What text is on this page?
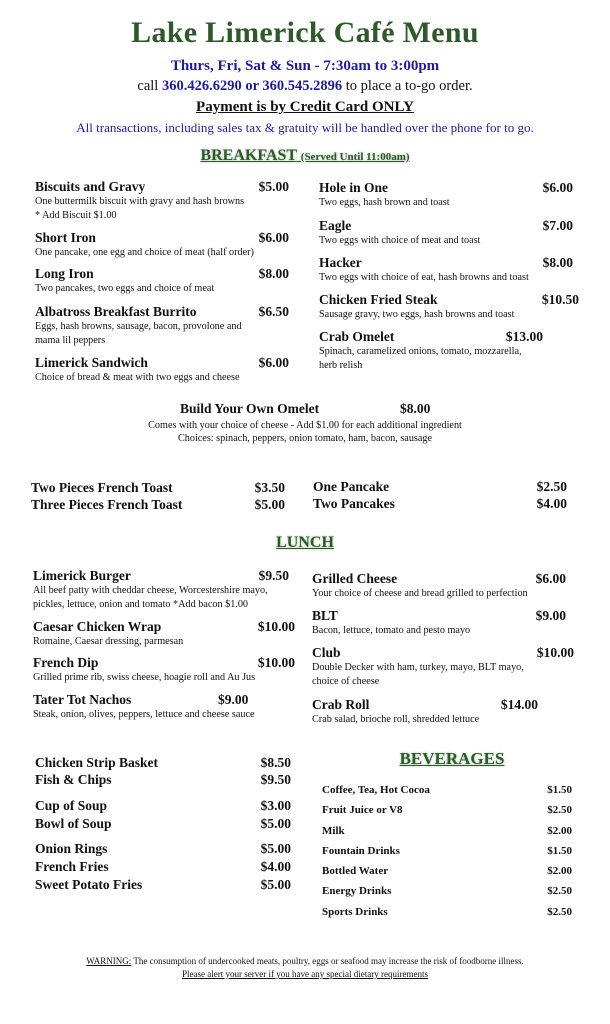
Lake Limerick Café Menu
Thurs, Fri, Sat & Sun - 7:30am to 3:00pm
call 360.426.6290 or 360.545.2896 to place a to-go order.
Payment is by Credit Card ONLY
All transactions, including sales tax & gratuity will be handled over the phone for to go.
BREAKFAST (Served Until 11:00am)
Biscuits and Gravy	$5.00
One buttermilk biscuit with gravy and hash browns
* Add Biscuit $1.00
Short Iron	$6.00
One pancake, one egg and choice of meat (half order)
Long Iron	$8.00
Two pancakes, two eggs and choice of meat
Albatross Breakfast Burrito	$6.50
Eggs, hash browns, sausage, bacon, provolone and
mama lil peppers
Limerick Sandwich	$6.00
Choice of bread & meat with two eggs and cheese
Hole in One	$6.00
Two eggs, hash brown and toast
Eagle	$7.00
Two eggs with choice of meat and toast
Hacker	$8.00
Two eggs with choice of eat, hash browns and toast
Chicken Fried Steak	$10.50
Sausage gravy, two eggs, hash browns and toast
Crab Omelet	$13.00
Spinach, caramelized onions, tomato, mozzarella,
herb relish
Build Your Own Omelet	$8.00
Comes with your choice of cheese - Add $1.00 for each additional ingredient
Choices: spinach, peppers, onion tomato, ham, bacon, sausage
Two Pieces French Toast	$3.50
Three Pieces French Toast	$5.00
One Pancake	$2.50
Two Pancakes	$4.00
LUNCH
Limerick Burger	$9.50
All beef patty with cheddar cheese, Worcestershire mayo,
pickles, lettuce, onion and tomato *Add bacon $1.00
Caesar Chicken Wrap	$10.00
Romaine, Caesar dressing, parmesan
French Dip	$10.00
Grilled prime rib, swiss cheese, hoagie roll and Au Jus
Tater Tot Nachos	$9.00
Steak, onion, olives, peppers, lettuce and cheese sauce
Grilled Cheese	$6.00
Your choice of cheese and bread grilled to perfection
BLT	$9.00
Bacon, lettuce, tomato and pesto mayo
Club	$10.00
Double Decker with ham, turkey, mayo, BLT mayo,
choice of cheese
Crab Roll	$14.00
Crab salad, brioche roll, shredded lettuce
Chicken Strip Basket	$8.50
Fish & Chips	$9.50
Cup of Soup	$3.00
Bowl of Soup	$5.00
Onion Rings	$5.00
French Fries	$4.00
Sweet Potato Fries	$5.00
BEVERAGES
Coffee, Tea, Hot Cocoa	$1.50
Fruit Juice or V8	$2.50
Milk	$2.00
Fountain Drinks	$1.50
Bottled Water	$2.00
Energy Drinks	$2.50
Sports Drinks	$2.50
WARNING: The consumption of undercooked meats, poultry, eggs or seafood may increase the risk of foodborne illness.
Please alert your server if you have any special dietary requirements
